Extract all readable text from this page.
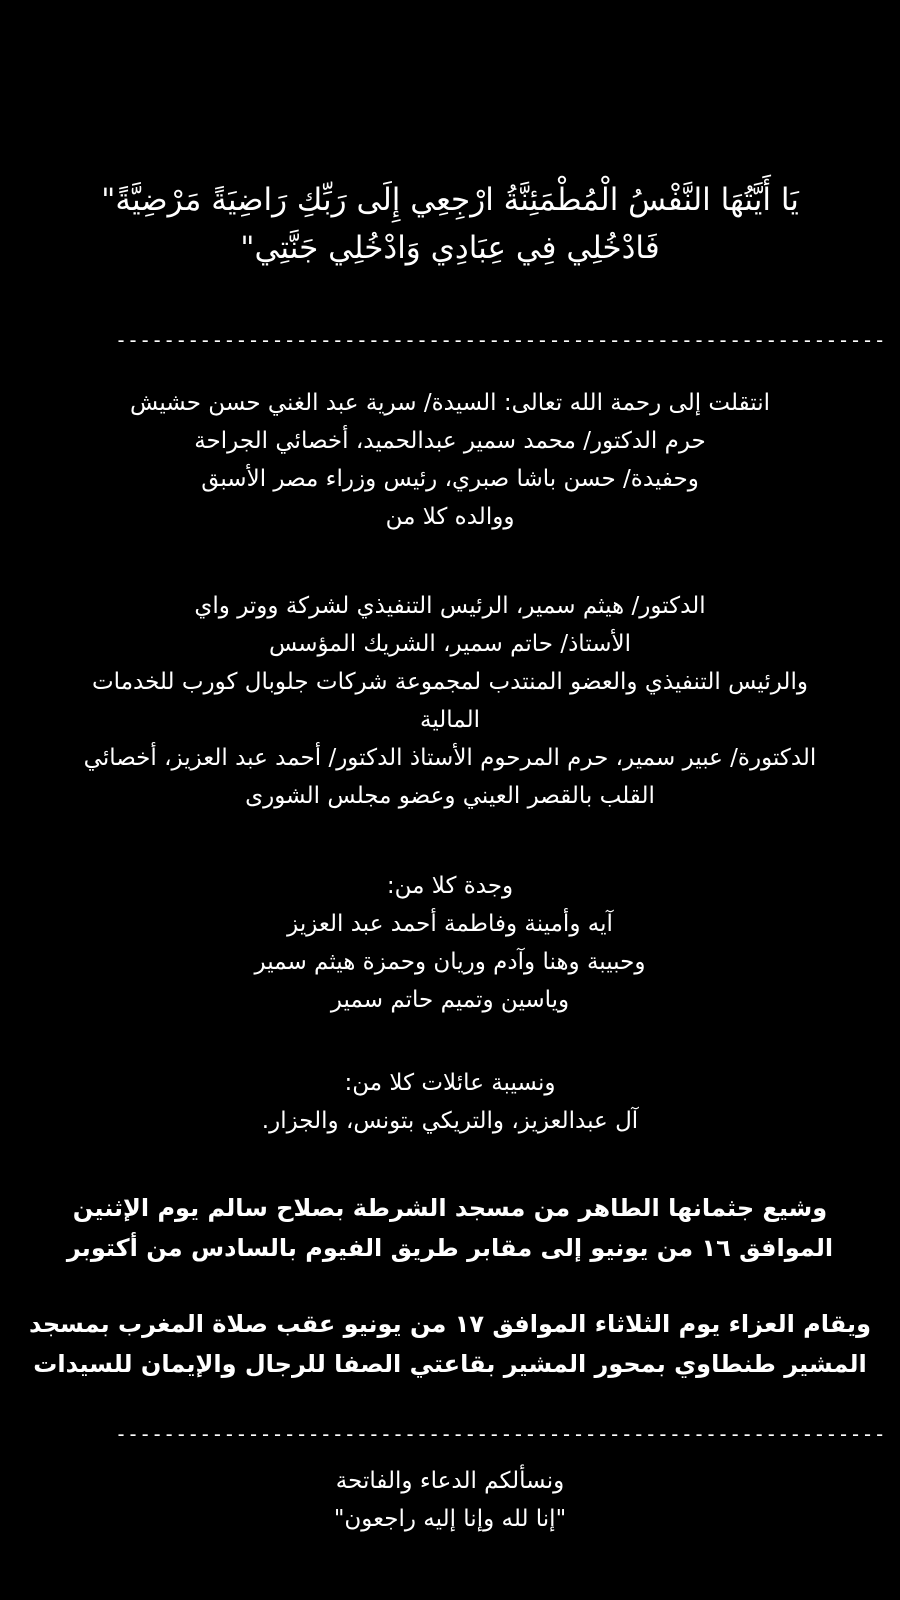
يَا أَيَّتُهَا النَّفْسُ الْمُطْمَئِنَّةُ ارْجِعِي إِلَى رَبِّكِ رَاضِيَةً مَرْضِيَّةً"
فَادْخُلِي فِي عِبَادِي وَادْخُلِي جَنَّتِي"
----------------------------------------------------------------
انتقلت إلى رحمة الله تعالى: السيدة/ سرية عبد الغني حسن حشيش
حرم الدكتور/ محمد سمير عبدالحميد، أخصائي الجراحة
وحفيدة/ حسن باشا صبري، رئيس وزراء مصر الأسبق
ووالده كلا من
الدكتور/ هيثم سمير، الرئيس التنفيذي لشركة ووتر واي
الأستاذ/ حاتم سمير، الشريك المؤسس
والرئيس التنفيذي والعضو المنتدب لمجموعة شركات جلوبال كورب للخدمات
المالية
الدكتورة/ عبير سمير، حرم المرحوم الأستاذ الدكتور/ أحمد عبد العزيز، أخصائي
القلب بالقصر العيني وعضو مجلس الشورى
وجدة كلا من:
آيه وأمينة وفاطمة أحمد عبد العزيز
وحبيبة وهنا وآدم وريان وحمزة هيثم سمير
وياسين وتميم حاتم سمير
ونسيبة عائلات كلا من:
آل عبدالعزيز، والتريكي بتونس، والجزار.
وشيع جثمانها الطاهر من مسجد الشرطة بصلاح سالم يوم الإثنين
الموافق ١٦ من يونيو إلى مقابر طريق الفيوم بالسادس من أكتوبر
ويقام العزاء يوم الثلاثاء الموافق ١٧ من يونيو عقب صلاة المغرب بمسجد
المشير طنطاوي بمحور المشير بقاعتي الصفا للرجال والإيمان للسيدات
----------------------------------------------------------------
ونسألكم الدعاء والفاتحة
"إنا لله وإنا إليه راجعون"
